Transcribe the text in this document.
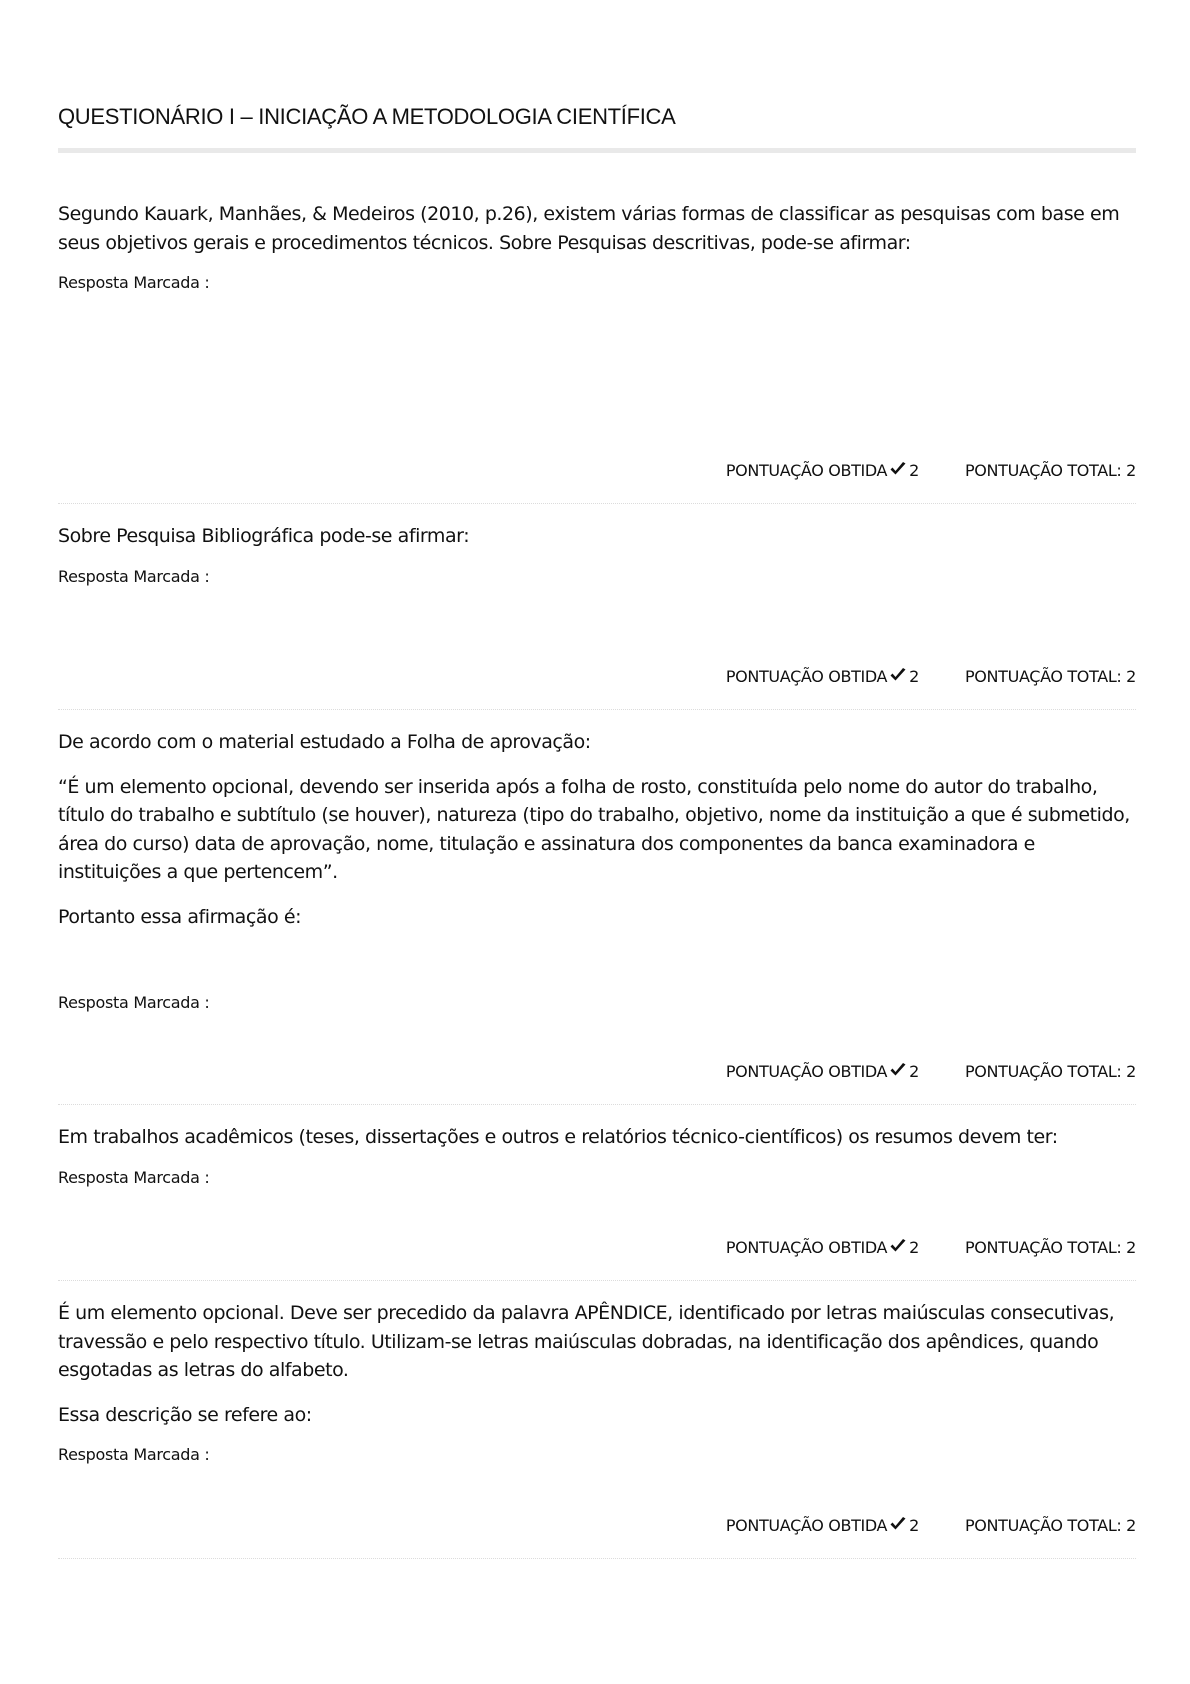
QUESTIONÁRIO I – INICIAÇÃO A METODOLOGIA CIENTÍFICA

Segundo Kauark, Manhães, & Medeiros (2010, p.26), existem várias formas de classificar as pesquisas com base em seus objetivos gerais e procedimentos técnicos. Sobre Pesquisas descritivas, pode-se afirmar:

Resposta Marcada :

PONTUAÇÃO OBTIDA 2	PONTUAÇÃO TOTAL: 2

Sobre Pesquisa Bibliográfica pode-se afirmar:

Resposta Marcada :

PONTUAÇÃO OBTIDA 2	PONTUAÇÃO TOTAL: 2

De acordo com o material estudado a Folha de aprovação:

“É um elemento opcional, devendo ser inserida após a folha de rosto, constituída pelo nome do autor do trabalho, título do trabalho e subtítulo (se houver), natureza (tipo do trabalho, objetivo, nome da instituição a que é submetido, área do curso) data de aprovação, nome, titulação e assinatura dos componentes da banca examinadora e instituições a que pertencem”.

Portanto essa afirmação é:

Resposta Marcada :

PONTUAÇÃO OBTIDA 2	PONTUAÇÃO TOTAL: 2

Em trabalhos acadêmicos (teses, dissertações e outros e relatórios técnico-científicos) os resumos devem ter:

Resposta Marcada :

PONTUAÇÃO OBTIDA 2	PONTUAÇÃO TOTAL: 2

É um elemento opcional. Deve ser precedido da palavra APÊNDICE, identificado por letras maiúsculas consecutivas, travessão e pelo respectivo título. Utilizam-se letras maiúsculas dobradas, na identificação dos apêndices, quando esgotadas as letras do alfabeto.

Essa descrição se refere ao:

Resposta Marcada :

PONTUAÇÃO OBTIDA 2	PONTUAÇÃO TOTAL: 2
